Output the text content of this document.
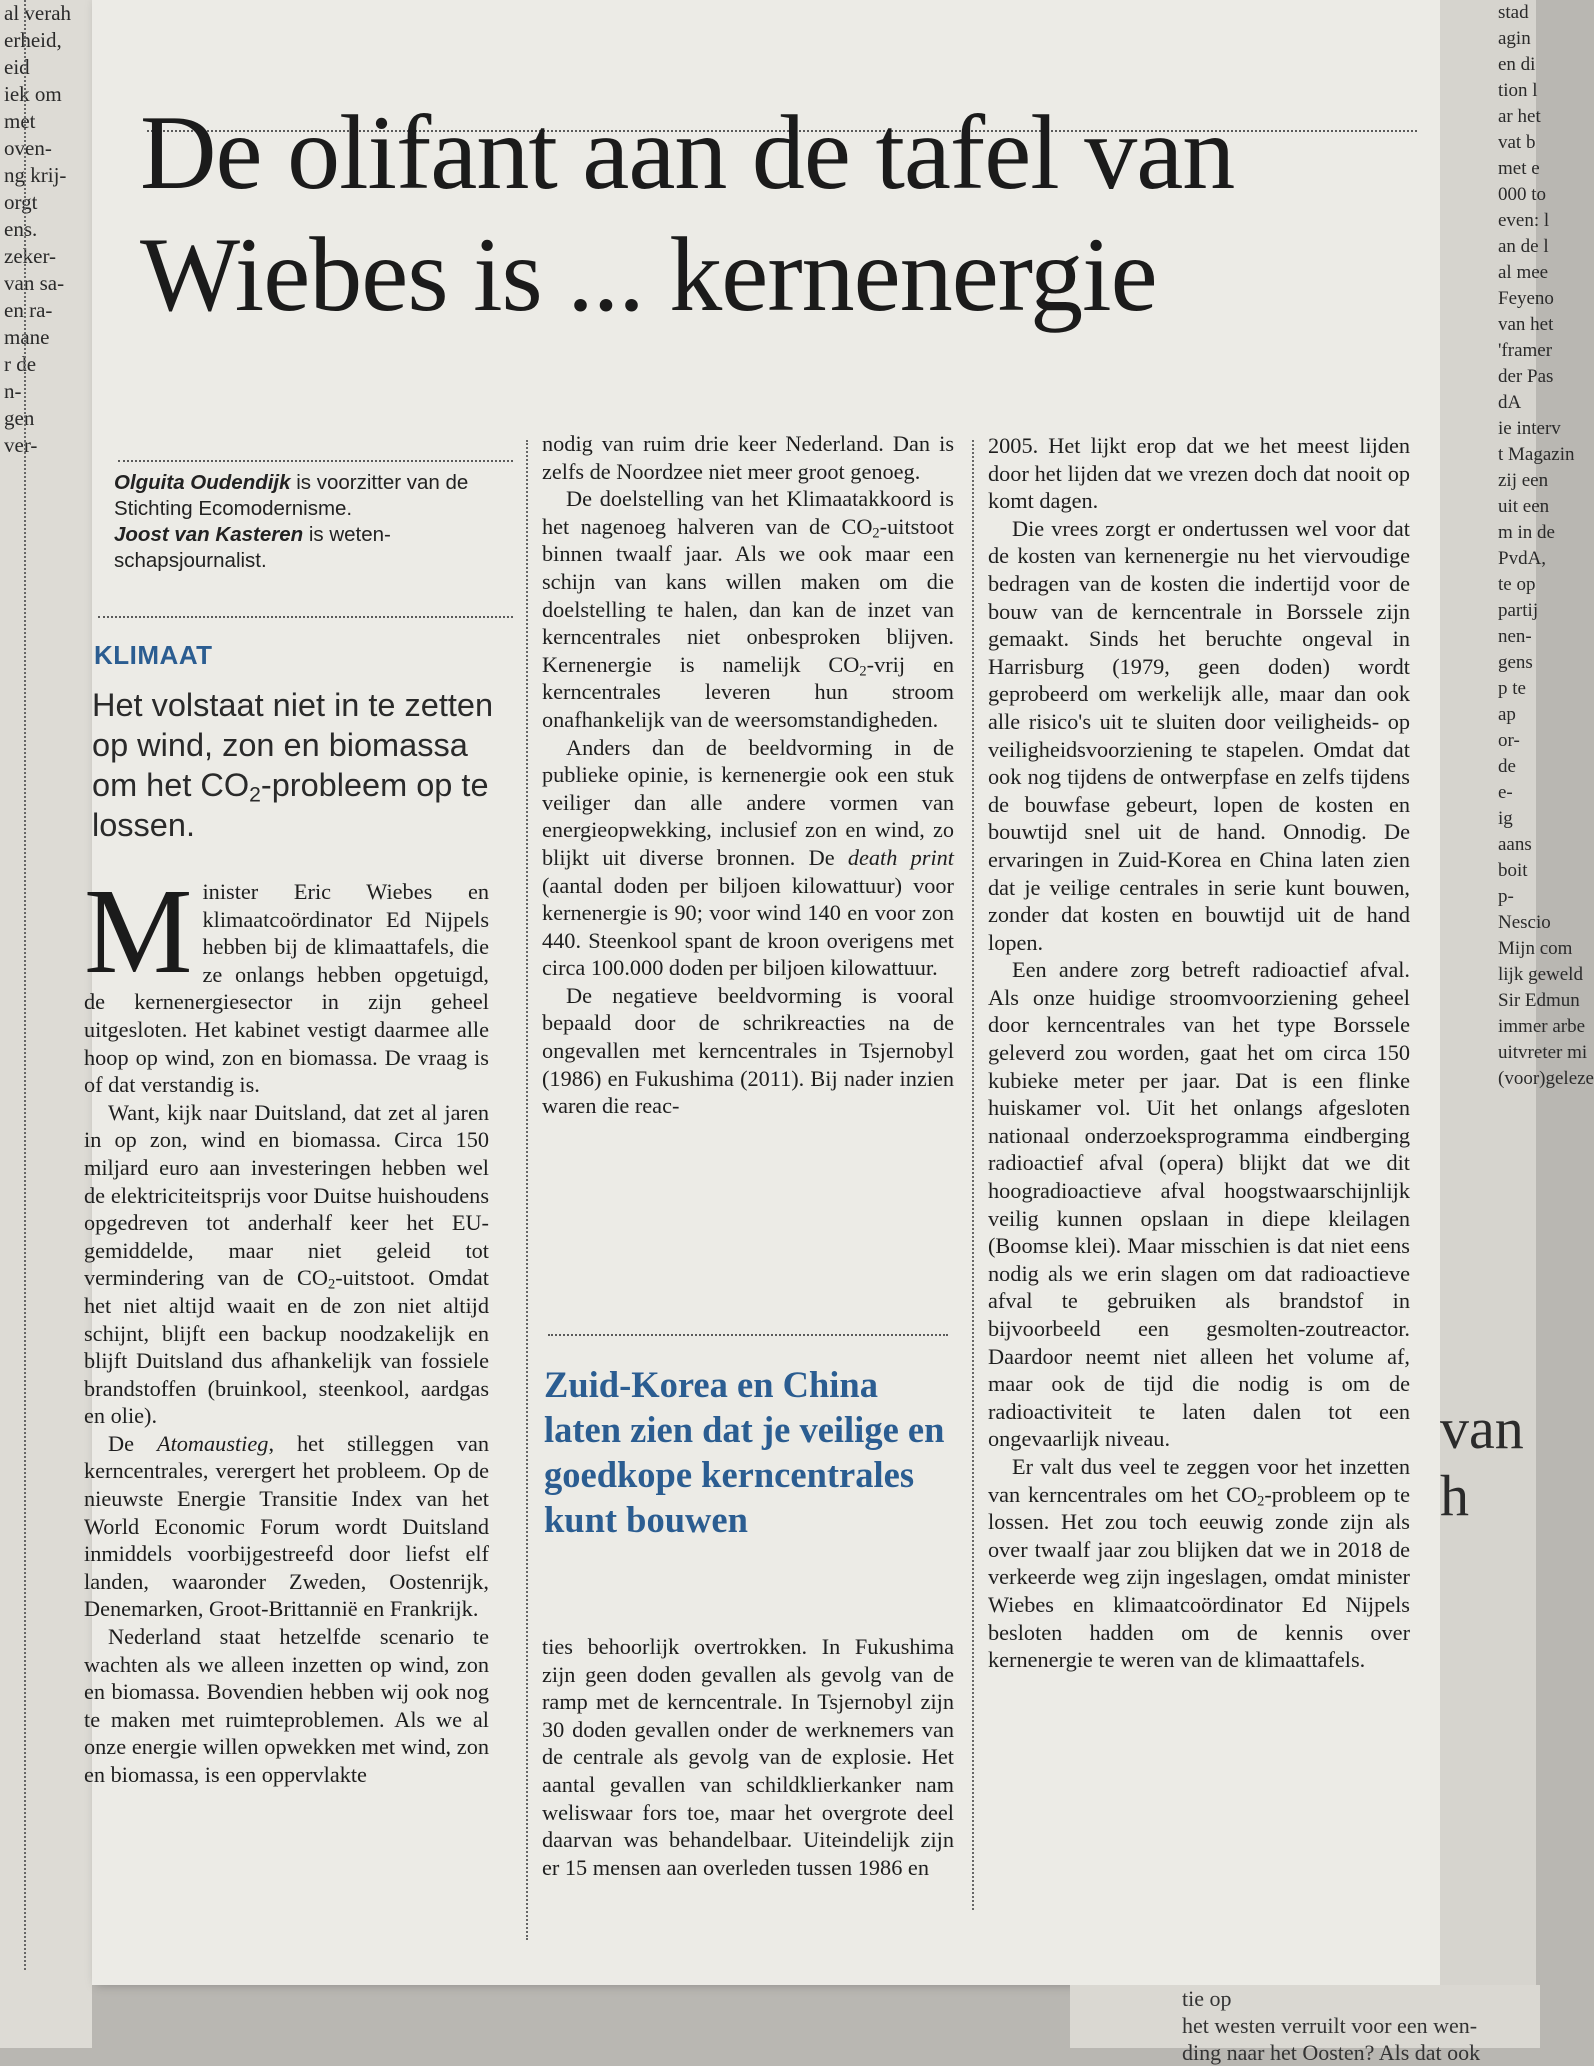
al verah
erheid,
eid
iek om
met
oven-
ng krij-
orgt
ens.
zeker-
van sa-
en ra-
mane
r de
n-
gen
ver-
De olifant aan de tafel van
Wiebes is ... kernenergie
Olguita Oudendijk is voorzitter van de Stichting Ecomodernisme.
Joost van Kasteren is weten-schapsjournalist.
KLIMAAT
Het volstaat niet in te zetten op wind, zon en biomassa om het $CO_2$-probleem op te lossen.

Minister Eric Wiebes en klimaatcoördinator Ed Nijpels hebben bij de klimaattafels, die ze onlangs hebben opgetuigd, de kernenergiesector in zijn geheel uitgesloten. Het kabinet vestigt daarmee alle hoop op wind, zon en biomassa. De vraag is of dat verstandig is.

Want, kijk naar Duitsland, dat zet al jaren in op zon, wind en biomassa. Circa 150 miljard euro aan investeringen hebben wel de elektriciteitsprijs voor Duitse huishoudens opgedreven tot anderhalf keer het EU-gemiddelde, maar niet geleid tot vermindering van de $CO_2$-uitstoot. Omdat het niet altijd waait en de zon niet altijd schijnt, blijft een backup noodzakelijk en blijft Duitsland dus afhankelijk van fossiele brandstoffen (bruinkool, steenkool, aardgas en olie).

De Atomaustieg, het stilleggen van kerncentrales, verergert het probleem. Op de nieuwste Energie Transitie Index van het World Economic Forum wordt Duitsland inmiddels voorbijgestreefd door liefst elf landen, waaronder Zweden, Oostenrijk, Denemarken, Groot-Brittannië en Frankrijk.

Nederland staat hetzelfde scenario te wachten als we alleen inzetten op wind, zon en biomassa. Bovendien hebben wij ook nog te maken met ruimteproblemen. Als we al onze energie willen opwekken met wind, zon en biomassa, is een oppervlakte

nodig van ruim drie keer Nederland. Dan is zelfs de Noordzee niet meer groot genoeg.

De doelstelling van het Klimaatakkoord is het nagenoeg halveren van de $CO_2$-uitstoot binnen twaalf jaar. Als we ook maar een schijn van kans willen maken om die doelstelling te halen, dan kan de inzet van kerncentrales niet onbesproken blijven. Kernenergie is namelijk $CO_2$-vrij en kerncentrales leveren hun stroom onafhankelijk van de weersomstandigheden.

Anders dan de beeldvorming in de publieke opinie, is kernenergie ook een stuk veiliger dan alle andere vormen van energieopwekking, inclusief zon en wind, zo blijkt uit diverse bronnen. De death print (aantal doden per biljoen kilowattuur) voor kernenergie is 90; voor wind 140 en voor zon 440. Steenkool spant de kroon overigens met circa 100.000 doden per biljoen kilowattuur.

De negatieve beeldvorming is vooral bepaald door de schrikreacties na de ongevallen met kerncentrales in Tsjernobyl (1986) en Fukushima (2011). Bij nader inzien waren die reac-

Zuid-Korea en China laten zien dat je veilige en goedkope kerncentrales kunt bouwen

ties behoorlijk overtrokken. In Fukushima zijn geen doden gevallen als gevolg van de ramp met de kerncentrale. In Tsjernobyl zijn 30 doden gevallen onder de werknemers van de centrale als gevolg van de explosie. Het aantal gevallen van schildklierkanker nam weliswaar fors toe, maar het overgrote deel daarvan was behandelbaar. Uiteindelijk zijn er 15 mensen aan overleden tussen 1986 en

2005. Het lijkt erop dat we het meest lijden door het lijden dat we vrezen doch dat nooit op komt dagen.

Die vrees zorgt er ondertussen wel voor dat de kosten van kernenergie nu het viervoudige bedragen van de kosten die indertijd voor de bouw van de kerncentrale in Borssele zijn gemaakt. Sinds het beruchte ongeval in Harrisburg (1979, geen doden) wordt geprobeerd om werkelijk alle, maar dan ook alle risico's uit te sluiten door veiligheids- op veiligheidsvoorziening te stapelen. Omdat dat ook nog tijdens de ontwerpfase en zelfs tijdens de bouwfase gebeurt, lopen de kosten en bouwtijd snel uit de hand. Onnodig. De ervaringen in Zuid-Korea en China laten zien dat je veilige centrales in serie kunt bouwen, zonder dat kosten en bouwtijd uit de hand lopen.

Een andere zorg betreft radioactief afval. Als onze huidige stroomvoorziening geheel door kerncentrales van het type Borssele geleverd zou worden, gaat het om circa 150 kubieke meter per jaar. Dat is een flinke huiskamer vol. Uit het onlangs afgesloten nationaal onderzoeksprogramma eindberging radioactief afval (opera) blijkt dat we dit hoogradioactieve afval hoogstwaarschijnlijk veilig kunnen opslaan in diepe kleilagen (Boomse klei). Maar misschien is dat niet eens nodig als we erin slagen om dat radioactieve afval te gebruiken als brandstof in bijvoorbeeld een gesmolten-zoutreactor. Daardoor neemt niet alleen het volume af, maar ook de tijd die nodig is om de radioactiviteit te laten dalen tot een ongevaarlijk niveau.

Er valt dus veel te zeggen voor het inzetten van kerncentrales om het $CO_2$-probleem op te lossen. Het zou toch eeuwig zonde zijn als over twaalf jaar zou blijken dat we in 2018 de verkeerde weg zijn ingeslagen, omdat minister Wiebes en klimaatcoördinator Ed Nijpels besloten hadden om de kennis over kernenergie te weren van de klimaattafels.

stad
agin
en di
tion l
ar het
vat b
met e
000 to
even: l
an de l
al mee
Feyeno
van het
'framer
der Pas
dA
ie interv
t Magazin
zij een
uit een
m in de
PvdA,
te op
partij
nen-
gens
p te
ap
or-
de
e-
ig
aans
boit
p-
Nescio
Mijn com
lijk geweld
Sir Edmun
immer arbe
uitvreter mi
(voor)geleze
van h
tie op
het westen verruilt voor een wen-
ding naar het Oosten? Als dat ook
